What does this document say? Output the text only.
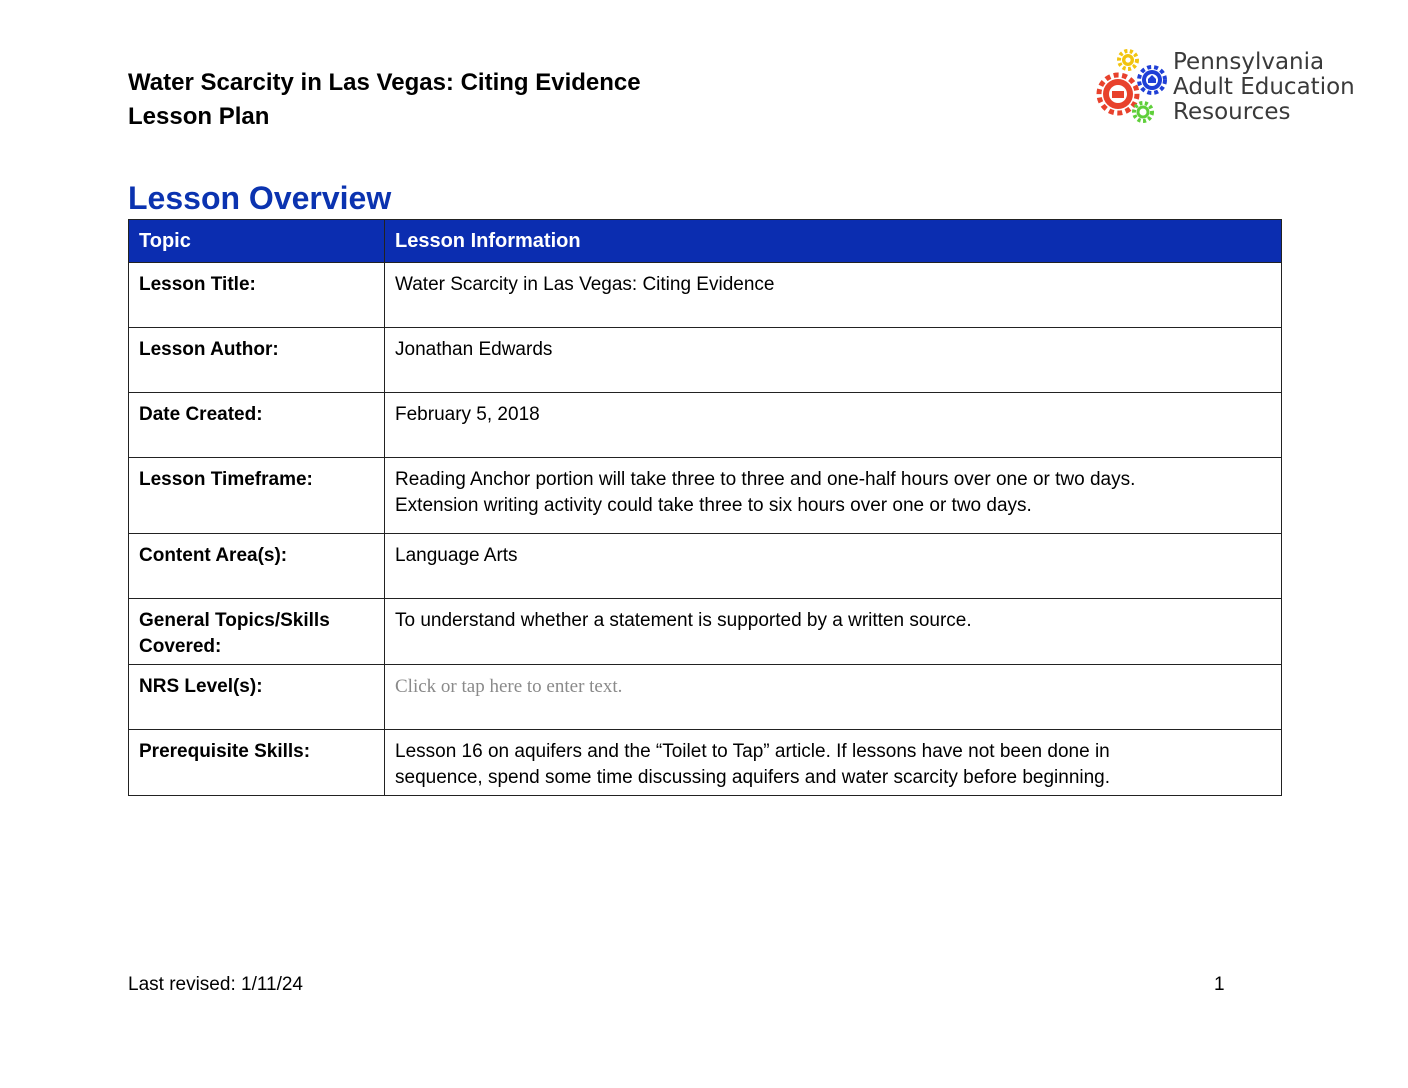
Water Scarcity in Las Vegas: Citing Evidence
Lesson Plan
Pennsylvania
Adult Education
Resources
Lesson Overview
Topic	Lesson Information
Lesson Title:	Water Scarcity in Las Vegas: Citing Evidence
Lesson Author:	Jonathan Edwards
Date Created:	February 5, 2018
Lesson Timeframe:	Reading Anchor portion will take three to three and one-half hours over one or two days.
Extension writing activity could take three to six hours over one or two days.

Content Area(s):	Language Arts

General Topics/Skills
Covered:	To understand whether a statement is supported by a written source.
NRS Level(s):	Click or tap here to enter text.
Prerequisite Skills:	Lesson 16 on aquifers and the “Toilet to Tap” article. If lessons have not been done in
sequence, spend some time discussing aquifers and water scarcity before beginning.
Last revised: 1/11/24	1
